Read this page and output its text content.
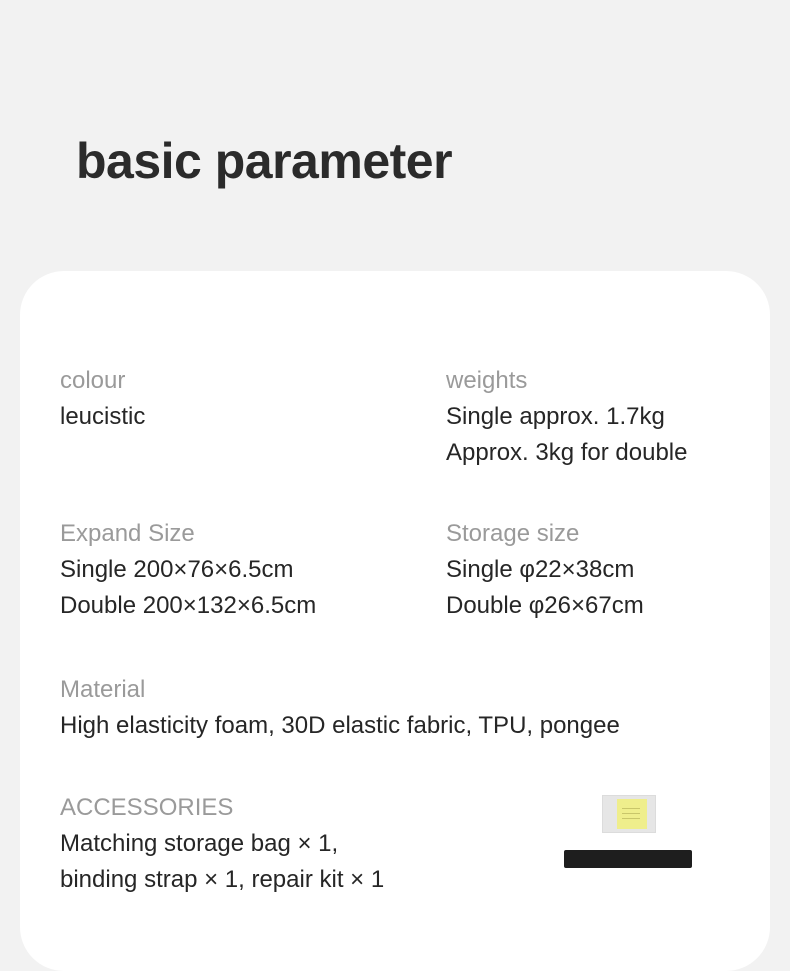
basic parameter
colour
leucistic
weights
Single approx. 1.7kg
Approx. 3kg for double
Expand Size
Single 200×76×6.5cm
Double 200×132×6.5cm
Storage size
Single φ22×38cm
Double φ26×67cm
Material
High elasticity foam, 30D elastic fabric, TPU, pongee
ACCESSORIES
Matching storage bag × 1,
binding strap × 1, repair kit × 1
